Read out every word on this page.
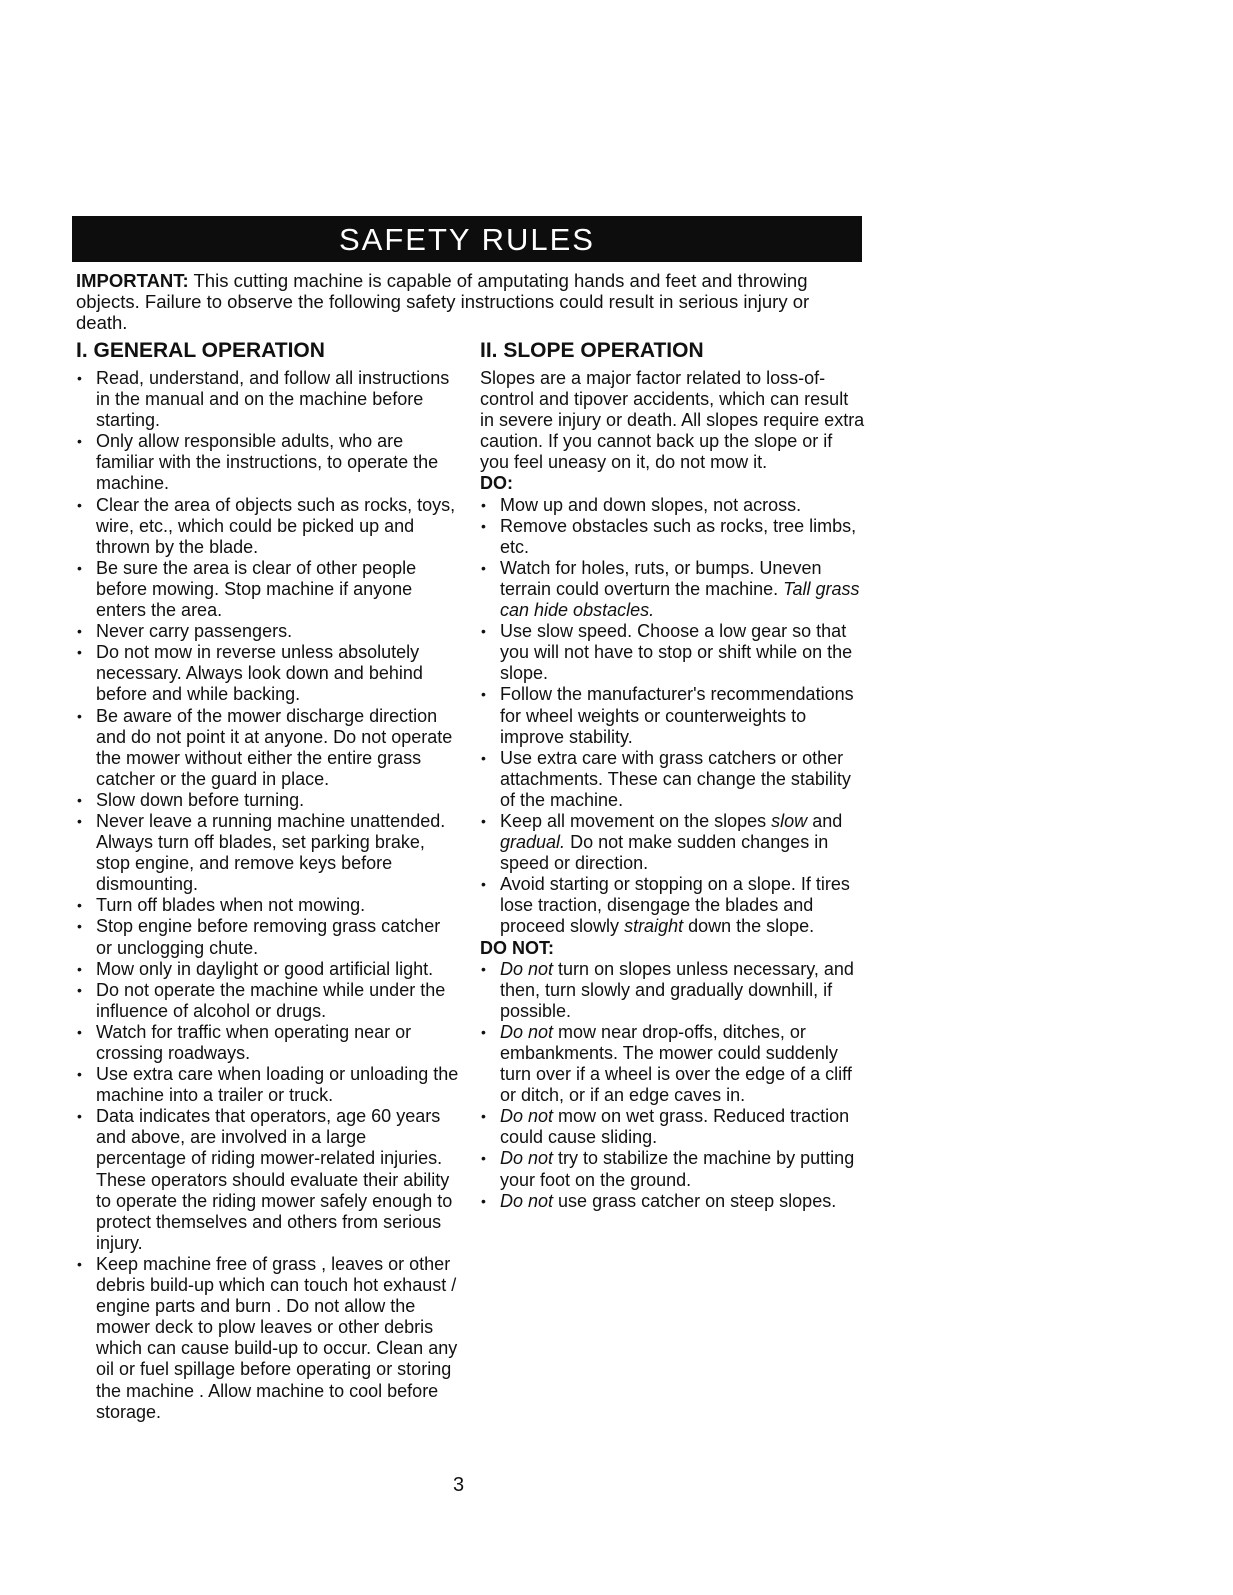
SAFETY RULES
IMPORTANT: This cutting machine is capable of amputating hands and feet and throwing objects. Failure to observe the following safety instructions could result in serious injury or death.
I. GENERAL OPERATION
• Read, understand, and follow all instructions in the manual and on the machine before starting.
• Only allow responsible adults, who are familiar with the instructions, to operate the machine.
• Clear the area of objects such as rocks, toys, wire, etc., which could be picked up and thrown by the blade.
• Be sure the area is clear of other people before mowing. Stop machine if anyone enters the area.
• Never carry passengers.
• Do not mow in reverse unless absolutely necessary. Always look down and behind before and while backing.
• Be aware of the mower discharge direction and do not point it at anyone. Do not operate the mower without either the entire grass catcher or the guard in place.
• Slow down before turning.
• Never leave a running machine unattended. Always turn off blades, set parking brake, stop engine, and remove keys before dismounting.
• Turn off blades when not mowing.
• Stop engine before removing grass catcher or unclogging chute.
• Mow only in daylight or good artificial light.
• Do not operate the machine while under the influence of alcohol or drugs.
• Watch for traffic when operating near or crossing roadways.
• Use extra care when loading or unloading the machine into a trailer or truck.
• Data indicates that operators, age 60 years and above, are involved in a large percentage of riding mower-related injuries. These operators should evaluate their ability to operate the riding mower safely enough to protect themselves and others from serious injury.
• Keep machine free of grass , leaves or other debris build-up which can touch hot exhaust / engine parts and burn . Do not allow the mower deck to plow leaves or other debris which can cause build-up to occur. Clean any oil or fuel spillage before operating or storing the machine . Allow machine to cool before storage.
II. SLOPE OPERATION

Slopes are a major factor related to loss-of-control and tipover accidents, which can result in severe injury or death. All slopes require extra caution. If you cannot back up the slope or if you feel uneasy on it, do not mow it.

DO:
• Mow up and down slopes, not across.
• Remove obstacles such as rocks, tree limbs, etc.
• Watch for holes, ruts, or bumps. Uneven terrain could overturn the machine. Tall grass can hide obstacles.
• Use slow speed. Choose a low gear so that you will not have to stop or shift while on the slope.
• Follow the manufacturer's recommendations for wheel weights or counterweights to improve stability.
• Use extra care with grass catchers or other attachments. These can change the stability of the machine.
• Keep all movement on the slopes slow and gradual. Do not make sudden changes in speed or direction.
• Avoid starting or stopping on a slope. If tires lose traction, disengage the blades and proceed slowly straight down the slope.
DO NOT:
• Do not turn on slopes unless necessary, and then, turn slowly and gradually downhill, if possible.
• Do not mow near drop-offs, ditches, or embankments. The mower could suddenly turn over if a wheel is over the edge of a cliff or ditch, or if an edge caves in.
• Do not mow on wet grass. Reduced traction could cause sliding.
• Do not try to stabilize the machine by putting your foot on the ground.
• Do not use grass catcher on steep slopes.
3
